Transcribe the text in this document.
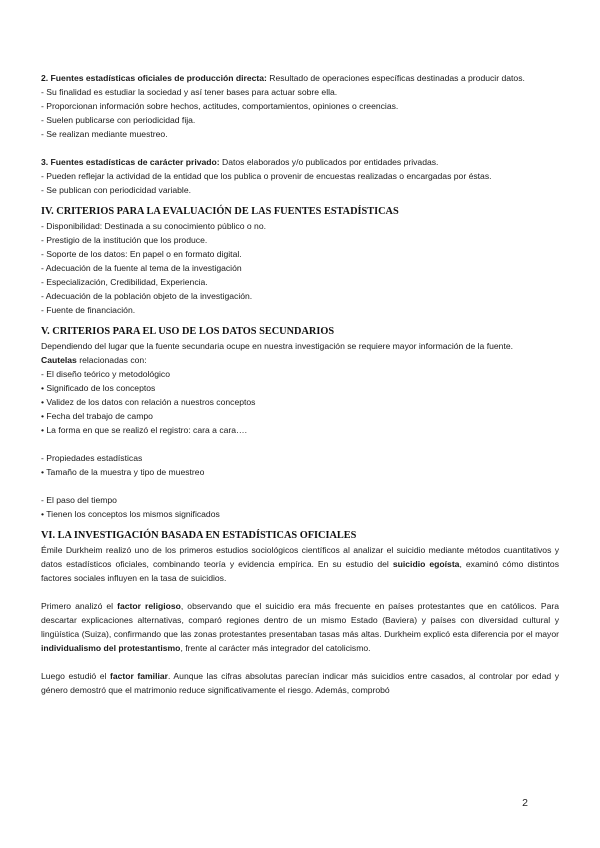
2. Fuentes estadísticas oficiales de producción directa: Resultado de operaciones específicas destinadas a producir datos.

- Su finalidad es estudiar la sociedad y así tener bases para actuar sobre ella.

- Proporcionan información sobre hechos, actitudes, comportamientos, opiniones o creencias.

- Suelen publicarse con periodicidad fija.

- Se realizan mediante muestreo.

3. Fuentes estadísticas de carácter privado: Datos elaborados y/o publicados por entidades privadas.

- Pueden reflejar la actividad de la entidad que los publica o provenir de encuestas realizadas o encargadas por éstas.

- Se publican con periodicidad variable.

IV. CRITERIOS PARA LA EVALUACIÓN DE LAS FUENTES ESTADÍSTICAS

- Disponibilidad: Destinada a su conocimiento público o no.

- Prestigio de la institución que los produce.

- Soporte de los datos: En papel o en formato digital.

- Adecuación de la fuente al tema de la investigación

- Especialización, Credibilidad, Experiencia.

- Adecuación de la población objeto de la investigación.

- Fuente de financiación.

V. CRITERIOS PARA EL USO DE LOS DATOS SECUNDARIOS

Dependiendo del lugar que la fuente secundaria ocupe en nuestra investigación se requiere mayor información de la fuente.

Cautelas relacionadas con:

- El diseño teórico y metodológico

• Significado de los conceptos

• Validez de los datos con relación a nuestros conceptos

• Fecha del trabajo de campo

• La forma en que se realizó el registro: cara a cara….

- Propiedades estadísticas

• Tamaño de la muestra y tipo de muestreo

- El paso del tiempo

• Tienen los conceptos los mismos significados

VI. LA INVESTIGACIÓN BASADA EN ESTADÍSTICAS OFICIALES

Émile Durkheim realizó uno de los primeros estudios sociológicos científicos al analizar el suicidio mediante métodos cuantitativos y datos estadísticos oficiales, combinando teoría y evidencia empírica. En su estudio del suicidio egoísta, examinó cómo distintos factores sociales influyen en la tasa de suicidios.

Primero analizó el factor religioso, observando que el suicidio era más frecuente en países protestantes que en católicos. Para descartar explicaciones alternativas, comparó regiones dentro de un mismo Estado (Baviera) y países con diversidad cultural y lingüística (Suiza), confirmando que las zonas protestantes presentaban tasas más altas. Durkheim explicó esta diferencia por el mayor individualismo del protestantismo, frente al carácter más integrador del catolicismo.

Luego estudió el factor familiar. Aunque las cifras absolutas parecían indicar más suicidios entre casados, al controlar por edad y género demostró que el matrimonio reduce significativamente el riesgo. Además, comprobó

2
